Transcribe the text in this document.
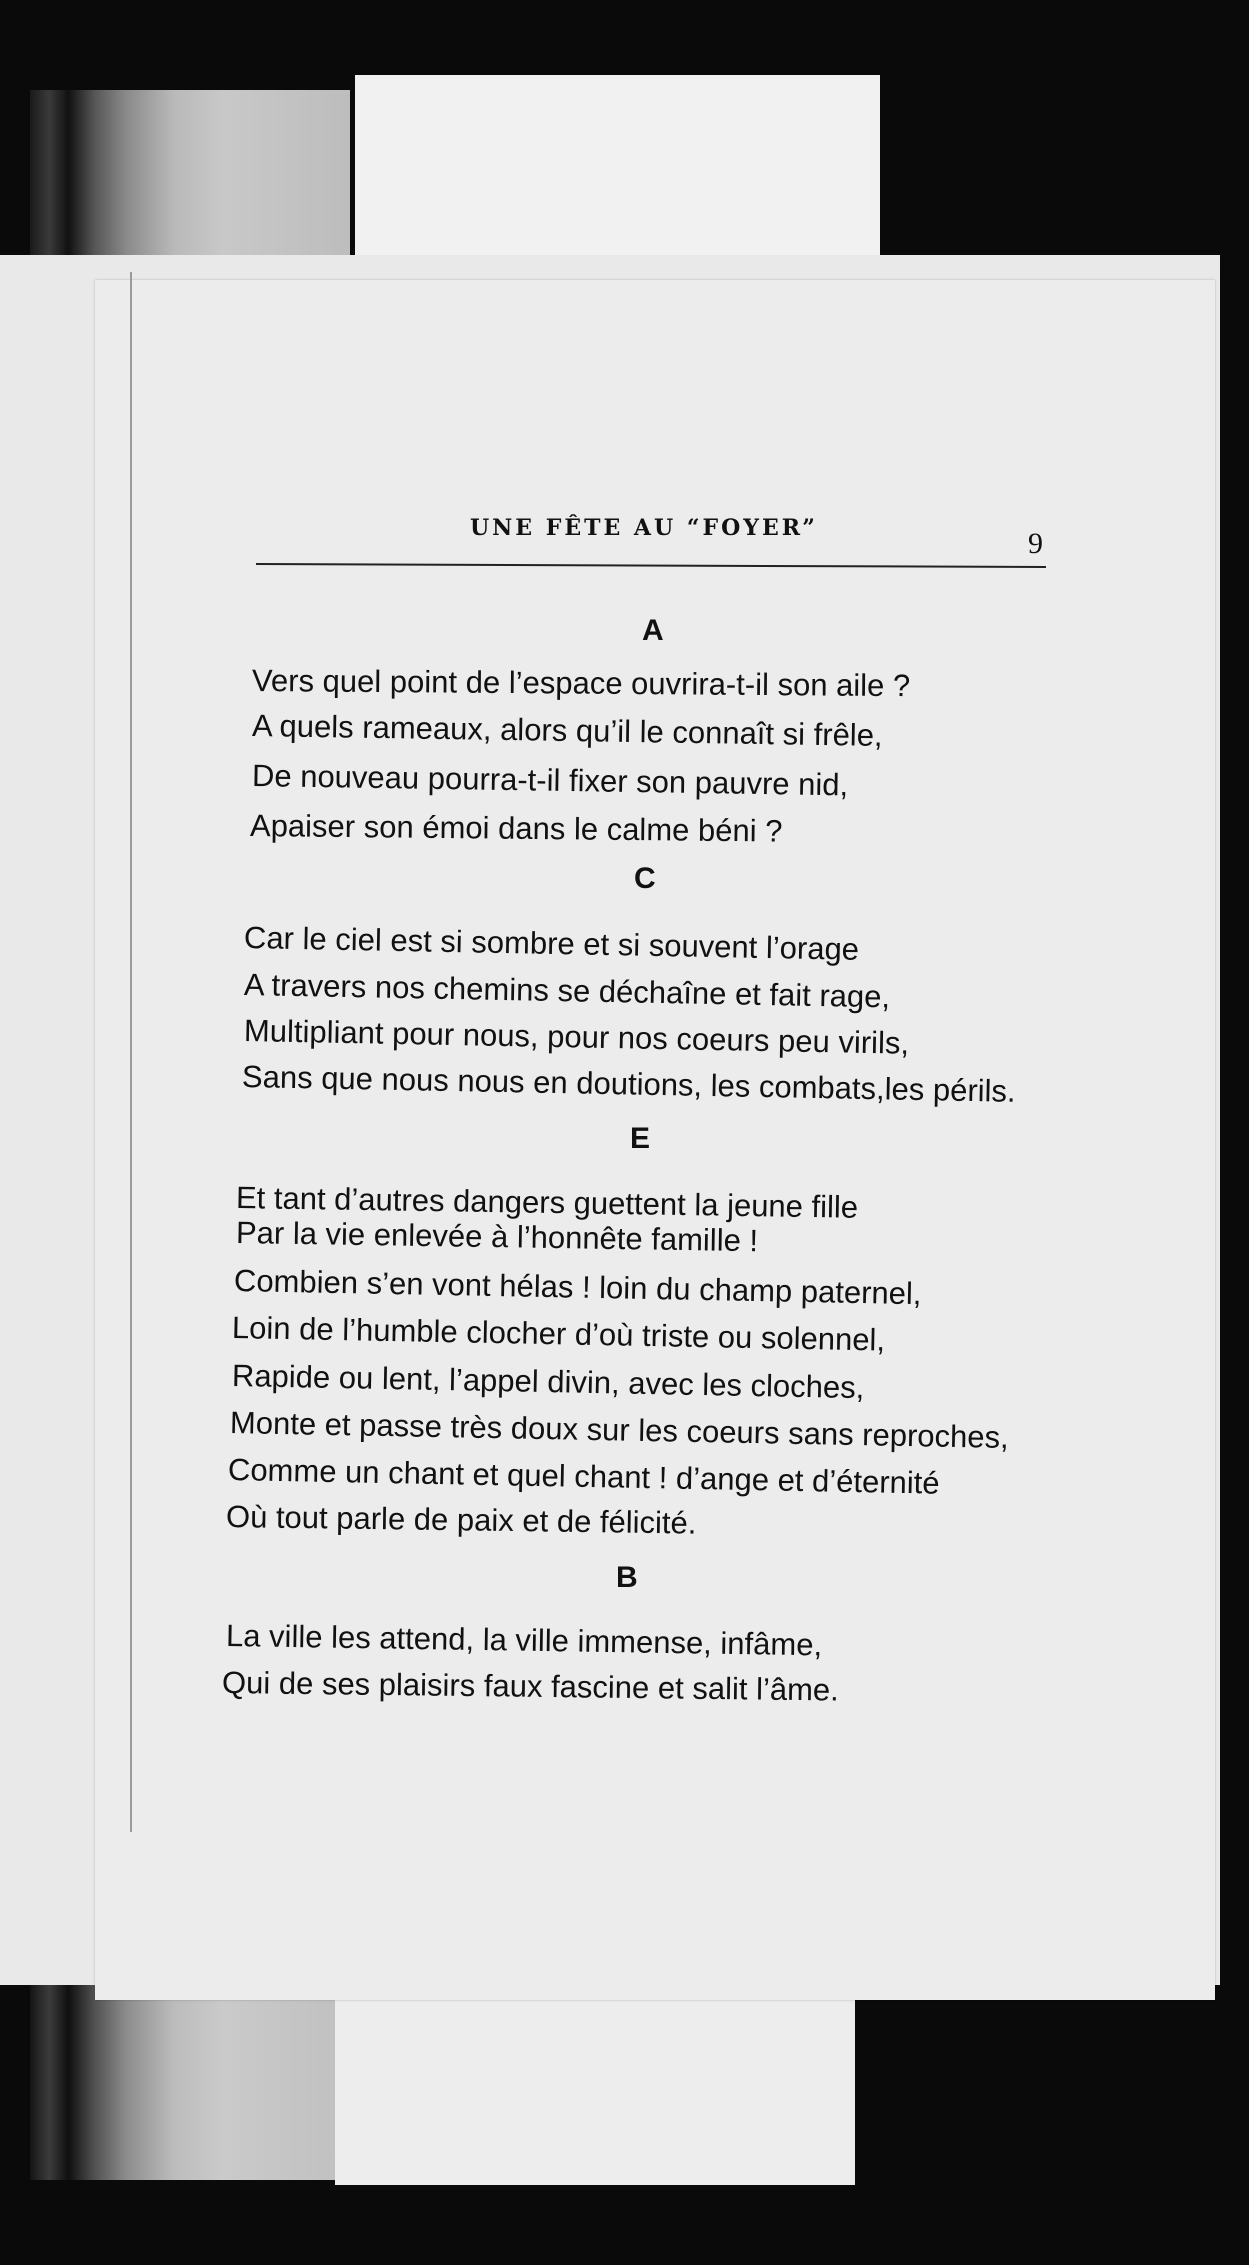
UNE FÊTE AU “FOYER”	9
A
Vers quel point de l’espace ouvrira-t-il son aile ?
A quels rameaux, alors qu’il le connaît si frêle,
De nouveau pourra-t-il fixer son pauvre nid,
Apaiser son émoi dans le calme béni ?
C
Car le ciel est si sombre et si souvent l’orage
A travers nos chemins se déchaîne et fait rage,
Multipliant pour nous, pour nos coeurs peu virils,
Sans que nous nous en doutions, les combats,les périls.
E
Et tant d’autres dangers guettent la jeune fille
Par la vie enlevée à l’honnête famille !
Combien s’en vont hélas ! loin du champ paternel,
Loin de l’humble clocher d’où triste ou solennel,
Rapide ou lent, l’appel divin, avec les cloches,
Monte et passe très doux sur les coeurs sans reproches,
Comme un chant et quel chant ! d’ange et d’éternité
Où tout parle de paix et de félicité.
B
La ville les attend, la ville immense, infâme,
Qui de ses plaisirs faux fascine et salit l’âme.
